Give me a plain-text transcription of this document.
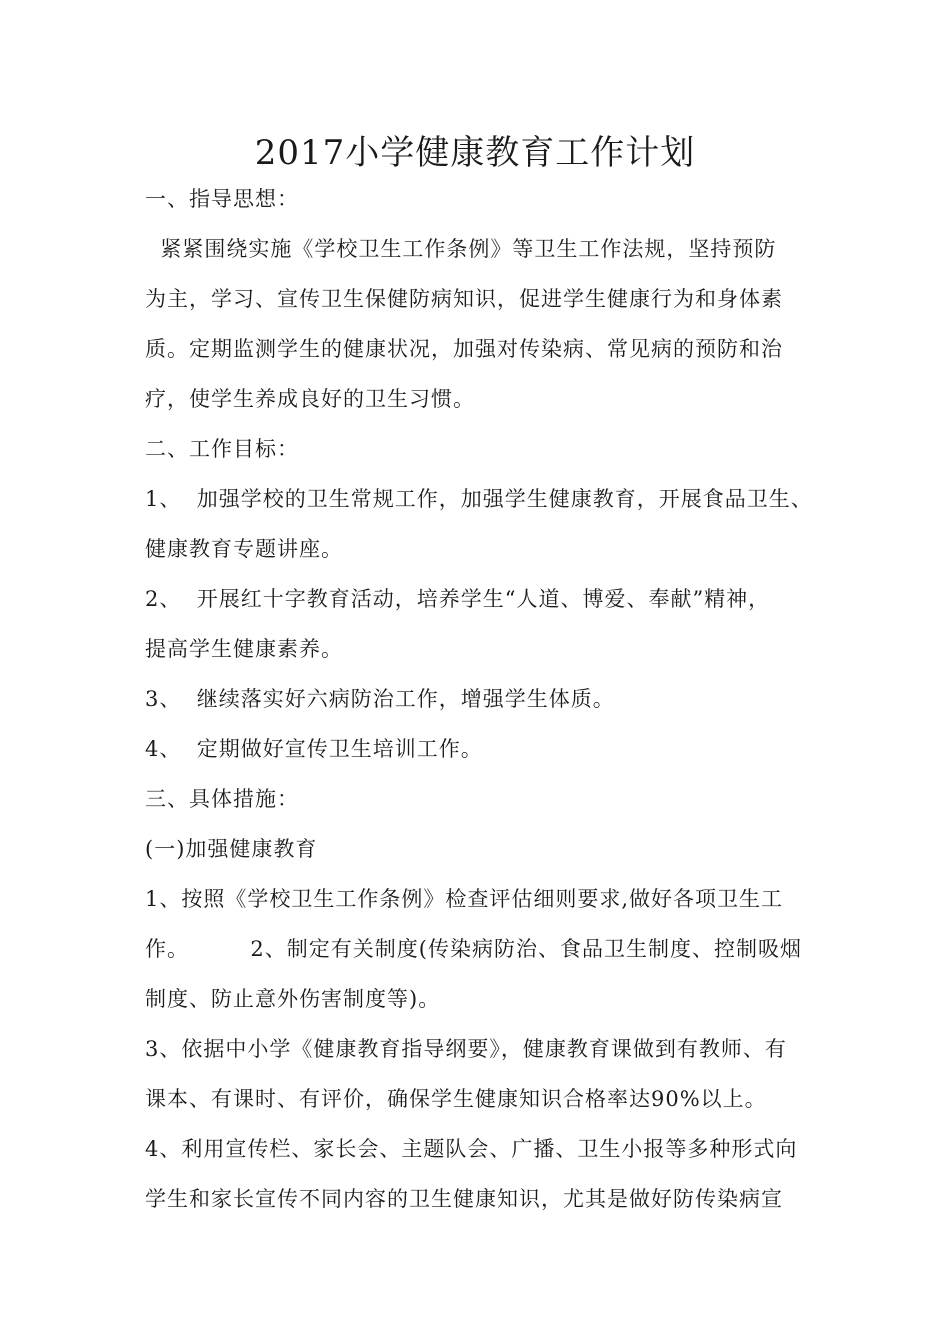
2017小学健康教育工作计划
一、指导思想：
紧紧围绕实施《学校卫生工作条例》等卫生工作法规，坚持预防
为主，学习、宣传卫生保健防病知识，促进学生健康行为和身体素
质。定期监测学生的健康状况，加强对传染病、常见病的预防和治
疗，使学生养成良好的卫生习惯。
二、工作目标：
1、  加强学校的卫生常规工作，加强学生健康教育，开展食品卫生、
健康教育专题讲座。
2、  开展红十字教育活动，培养学生“人道、博爱、奉献”精神，
提高学生健康素养。
3、  继续落实好六病防治工作，增强学生体质。
4、  定期做好宣传卫生培训工作。
三、具体措施：
(一)加强健康教育
1、按照《学校卫生工作条例》检查评估细则要求,做好各项卫生工
作。        2、制定有关制度(传染病防治、食品卫生制度、控制吸烟
制度、防止意外伤害制度等)。
3、依据中小学《健康教育指导纲要》，健康教育课做到有教师、有
课本、有课时、有评价，确保学生健康知识合格率达90%以上。
4、利用宣传栏、家长会、主题队会、广播、卫生小报等多种形式向
学生和家长宣传不同内容的卫生健康知识，尤其是做好防传染病宣
